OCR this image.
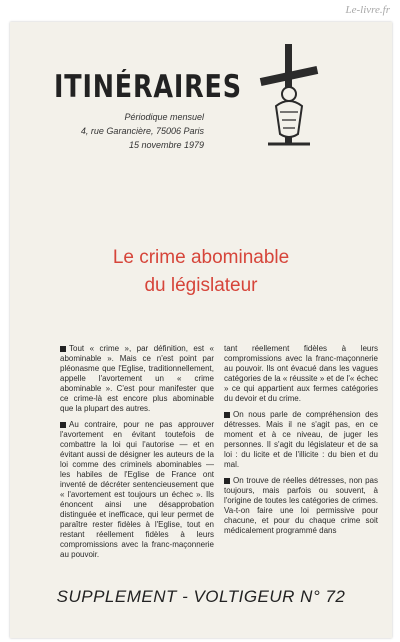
Le-livre.fr
ITINÉRAIRES
Périodique mensuel
4, rue Garancière, 75006 Paris
15 novembre 1979
Le crime abominable
du législateur

Tout « crime », par définition, est « abominable ». Mais ce n'est point par pléonasme que l'Eglise, traditionnellement, appelle l'avortement un « crime abominable ». C'est pour manifester que ce crime-là est encore plus abominable que la plupart des autres.

Au contraire, pour ne pas approuver l'avortement en évitant toutefois de combattre la loi qui l'autorise — et en évitant aussi de désigner les auteurs de la loi comme des criminels abominables — les habiles de l'Eglise de France ont inventé de décréter sentencieusement que « l'avortement est toujours un échec ». Ils énoncent ainsi une désapprobation distinguée et inefficace, qui leur permet de paraître rester fidèles à l'Eglise, tout en restant réellement fidèles à leurs compromissions avec la franc-maçonnerie au pouvoir.

tant réellement fidèles à leurs compromissions avec la franc-maçonnerie au pouvoir. Ils ont évacué dans les vagues catégories de la « réussite » et de l'« échec » ce qui appartient aux fermes catégories du devoir et du crime.

On nous parle de compréhension des détresses. Mais il ne s'agit pas, en ce moment et à ce niveau, de juger les personnes. Il s'agit du législateur et de sa loi : du licite et de l'illicite : du bien et du mal.

On trouve de réelles détresses, non pas toujours, mais parfois ou souvent, à l'origine de toutes les catégories de crimes. Va-t-on faire une loi permissive pour chacune, et pour du chaque crime soit médicalement programmé dans

SUPPLEMENT - VOLTIGEUR N° 72
